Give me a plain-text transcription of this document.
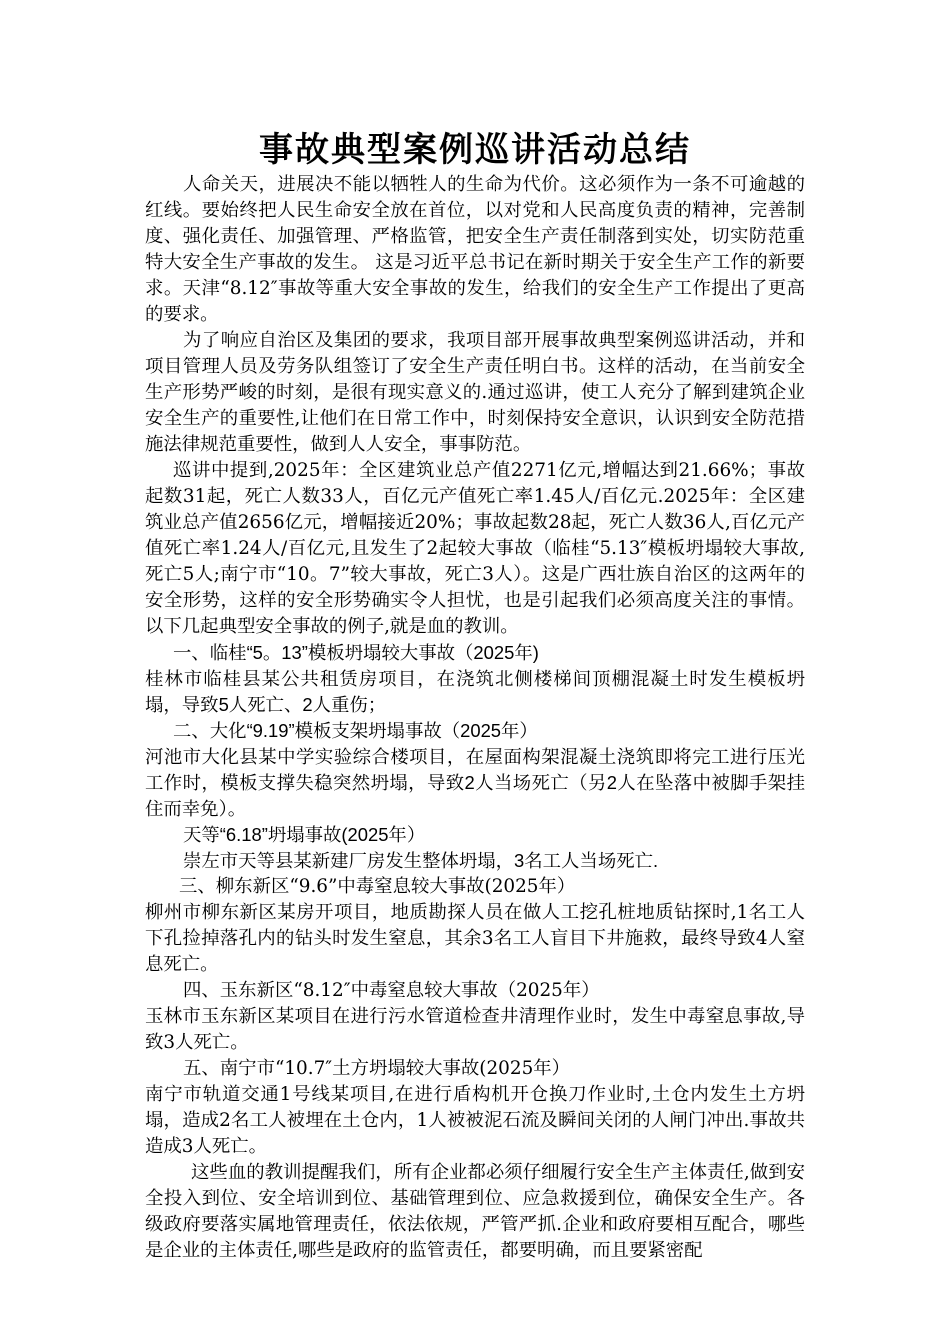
事故典型案例巡讲活动总结

人命关天，进展决不能以牺牲人的生命为代价。这必须作为一条不可逾越的红线。要始终把人民生命安全放在首位，以对党和人民高度负责的精神，完善制度、强化责任、加强管理、严格监管，把安全生产责任制落到实处，切实防范重特大安全生产事故的发生。 这是习近平总书记在新时期关于安全生产工作的新要求。天津“8.12″事故等重大安全事故的发生，给我们的安全生产工作提出了更高的要求。

为了响应自治区及集团的要求，我项目部开展事故典型案例巡讲活动，并和项目管理人员及劳务队组签订了安全生产责任明白书。这样的活动，在当前安全生产形势严峻的时刻，是很有现实意义的.通过巡讲，使工人充分了解到建筑企业安全生产的重要性,让他们在日常工作中，时刻保持安全意识，认识到安全防范措施法律规范重要性，做到人人安全，事事防范。

巡讲中提到,2025年：全区建筑业总产值2271亿元,增幅达到21.66%；事故起数31起，死亡人数33人，百亿元产值死亡率1.45人/百亿元.2025年：全区建筑业总产值2656亿元，增幅接近20%；事故起数28起，死亡人数36人,百亿元产值死亡率1.24人/百亿元,且发生了2起较大事故（临桂“5.13″模板坍塌较大事故,死亡5人;南宁市“10。7”较大事故，死亡3人）。这是广西壮族自治区的这两年的安全形势，这样的安全形势确实令人担忧，也是引起我们必须高度关注的事情。以下几起典型安全事故的例子,就是血的教训。

一、临桂“5。13”模板坍塌较大事故（2025年)

桂林市临桂县某公共租赁房项目，在浇筑北侧楼梯间顶棚混凝土时发生模板坍塌，导致5人死亡、2人重伤；

二、大化“9.19”模板支架坍塌事故（2025年）

河池市大化县某中学实验综合楼项目，在屋面构架混凝土浇筑即将完工进行压光工作时，模板支撑失稳突然坍塌，导致2人当场死亡（另2人在坠落中被脚手架挂住而幸免）。

天等“6.18”坍塌事故(2025年）

崇左市天等县某新建厂房发生整体坍塌，3名工人当场死亡.

三、柳东新区“9.6”中毒窒息较大事故(2025年）

柳州市柳东新区某房开项目，地质勘探人员在做人工挖孔桩地质钻探时,1名工人下孔捡掉落孔内的钻头时发生窒息，其余3名工人盲目下井施救，最终导致4人窒息死亡。

四、玉东新区“8.12″中毒窒息较大事故（2025年）

玉林市玉东新区某项目在进行污水管道检查井清理作业时，发生中毒窒息事故,导致3人死亡。

五、南宁市“10.7″土方坍塌较大事故(2025年）

南宁市轨道交通1号线某项目,在进行盾构机开仓换刀作业时,土仓内发生土方坍塌，造成2名工人被埋在土仓内，1人被被泥石流及瞬间关闭的人闸门冲出.事故共造成3人死亡。

这些血的教训提醒我们，所有企业都必须仔细履行安全生产主体责任,做到安全投入到位、安全培训到位、基础管理到位、应急救援到位，确保安全生产。各级政府要落实属地管理责任，依法依规，严管严抓.企业和政府要相互配合，哪些是企业的主体责任,哪些是政府的监管责任，都要明确，而且要紧密配
